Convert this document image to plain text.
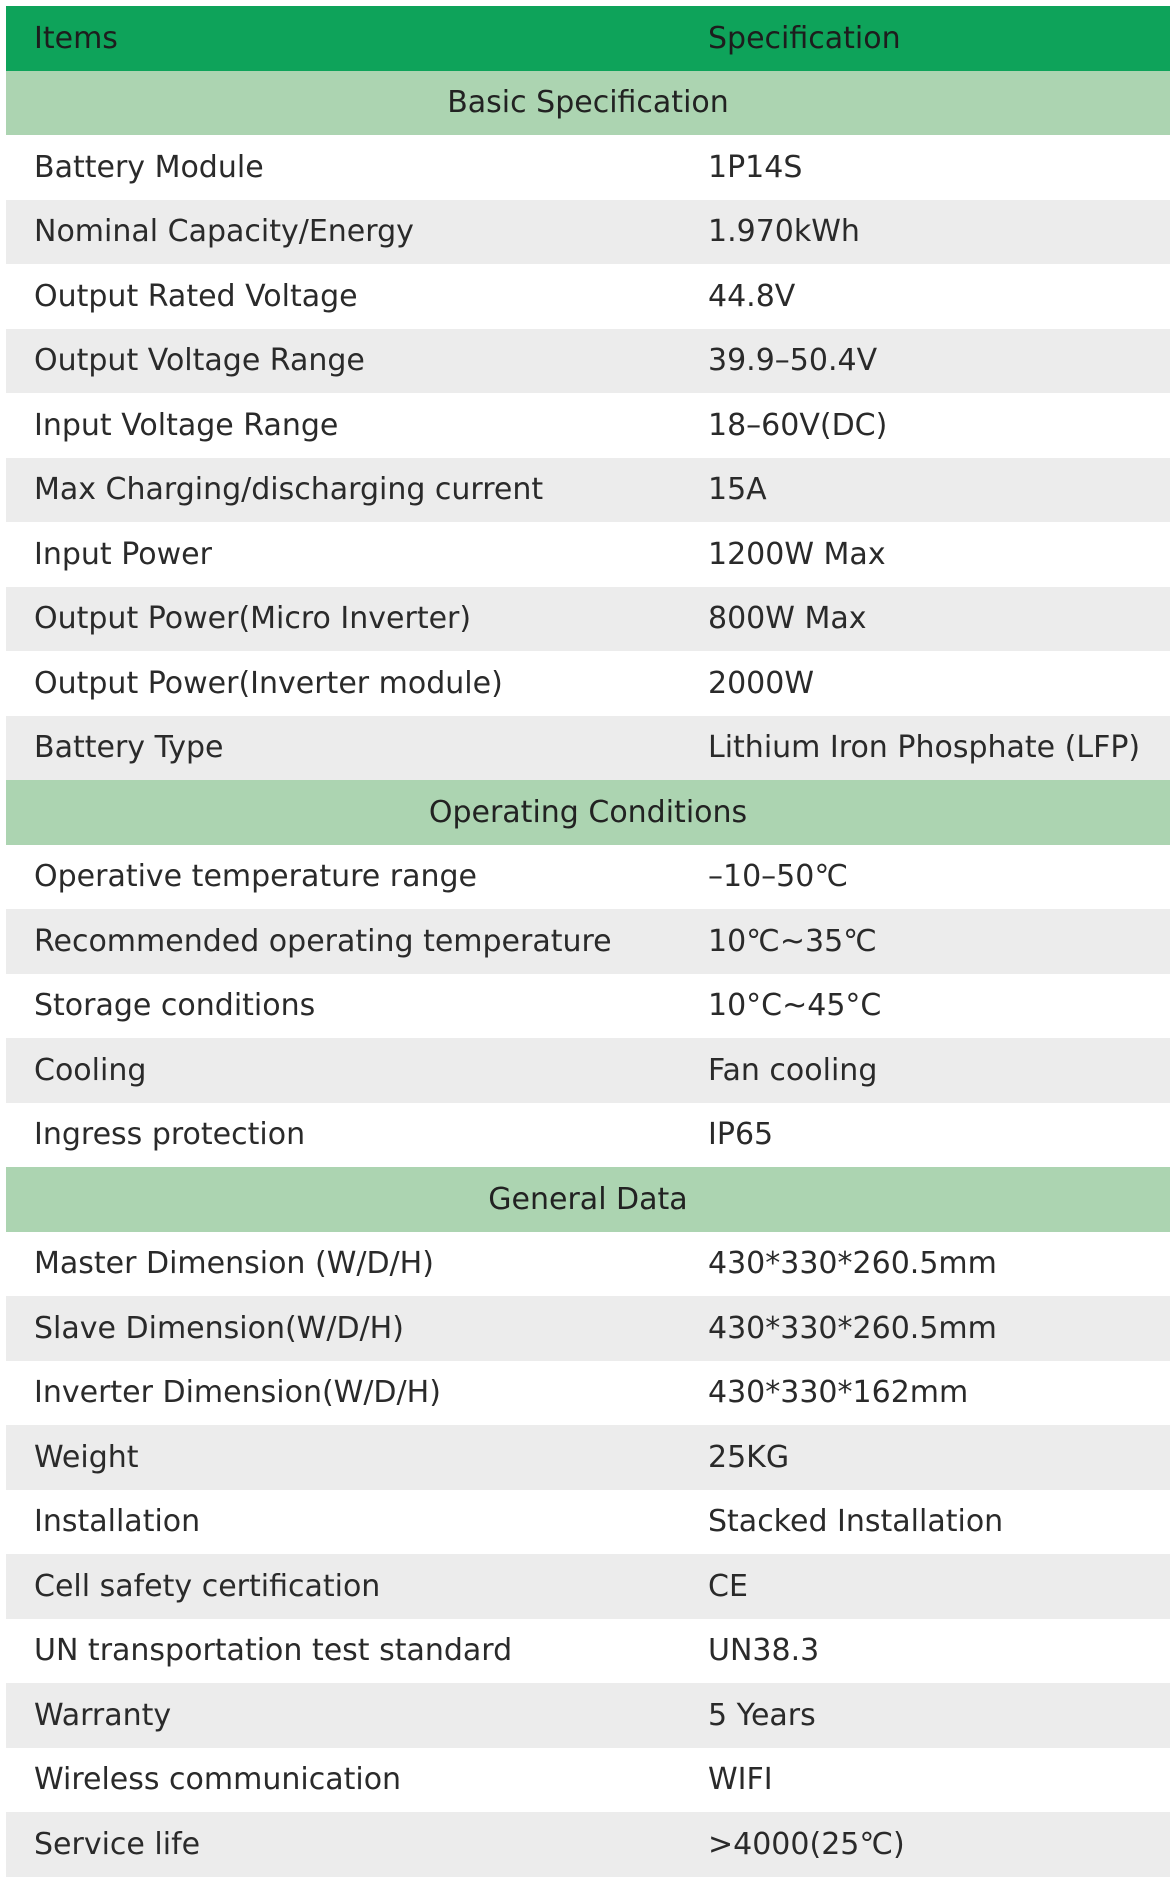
Items	Specification
Basic Specification	
Battery Module	1P14S
Nominal Capacity/Energy	1.970kWh
Output Rated Voltage	44.8V
Output Voltage Range	39.9–50.4V
Input Voltage Range	18–60V(DC)
Max Charging/discharging current	15A
Input Power	1200W Max
Output Power(Micro Inverter)	800W Max
Output Power(Inverter module)	2000W
Battery Type	Lithium Iron Phosphate (LFP)
Operating Conditions	
Operative temperature range	–10–50℃
Recommended operating temperature	10℃~35℃
Storage conditions	10°C~45°C
Cooling	Fan cooling
Ingress protection	IP65
General Data	
Master Dimension (W/D/H)	430*330*260.5mm
Slave Dimension(W/D/H)	430*330*260.5mm
Inverter Dimension(W/D/H)	430*330*162mm
Weight	25KG
Installation	Stacked Installation
Cell safety certification	CE
UN transportation test standard	UN38.3
Warranty	5 Years
Wireless communication	WIFI
Service life	>4000(25℃)
